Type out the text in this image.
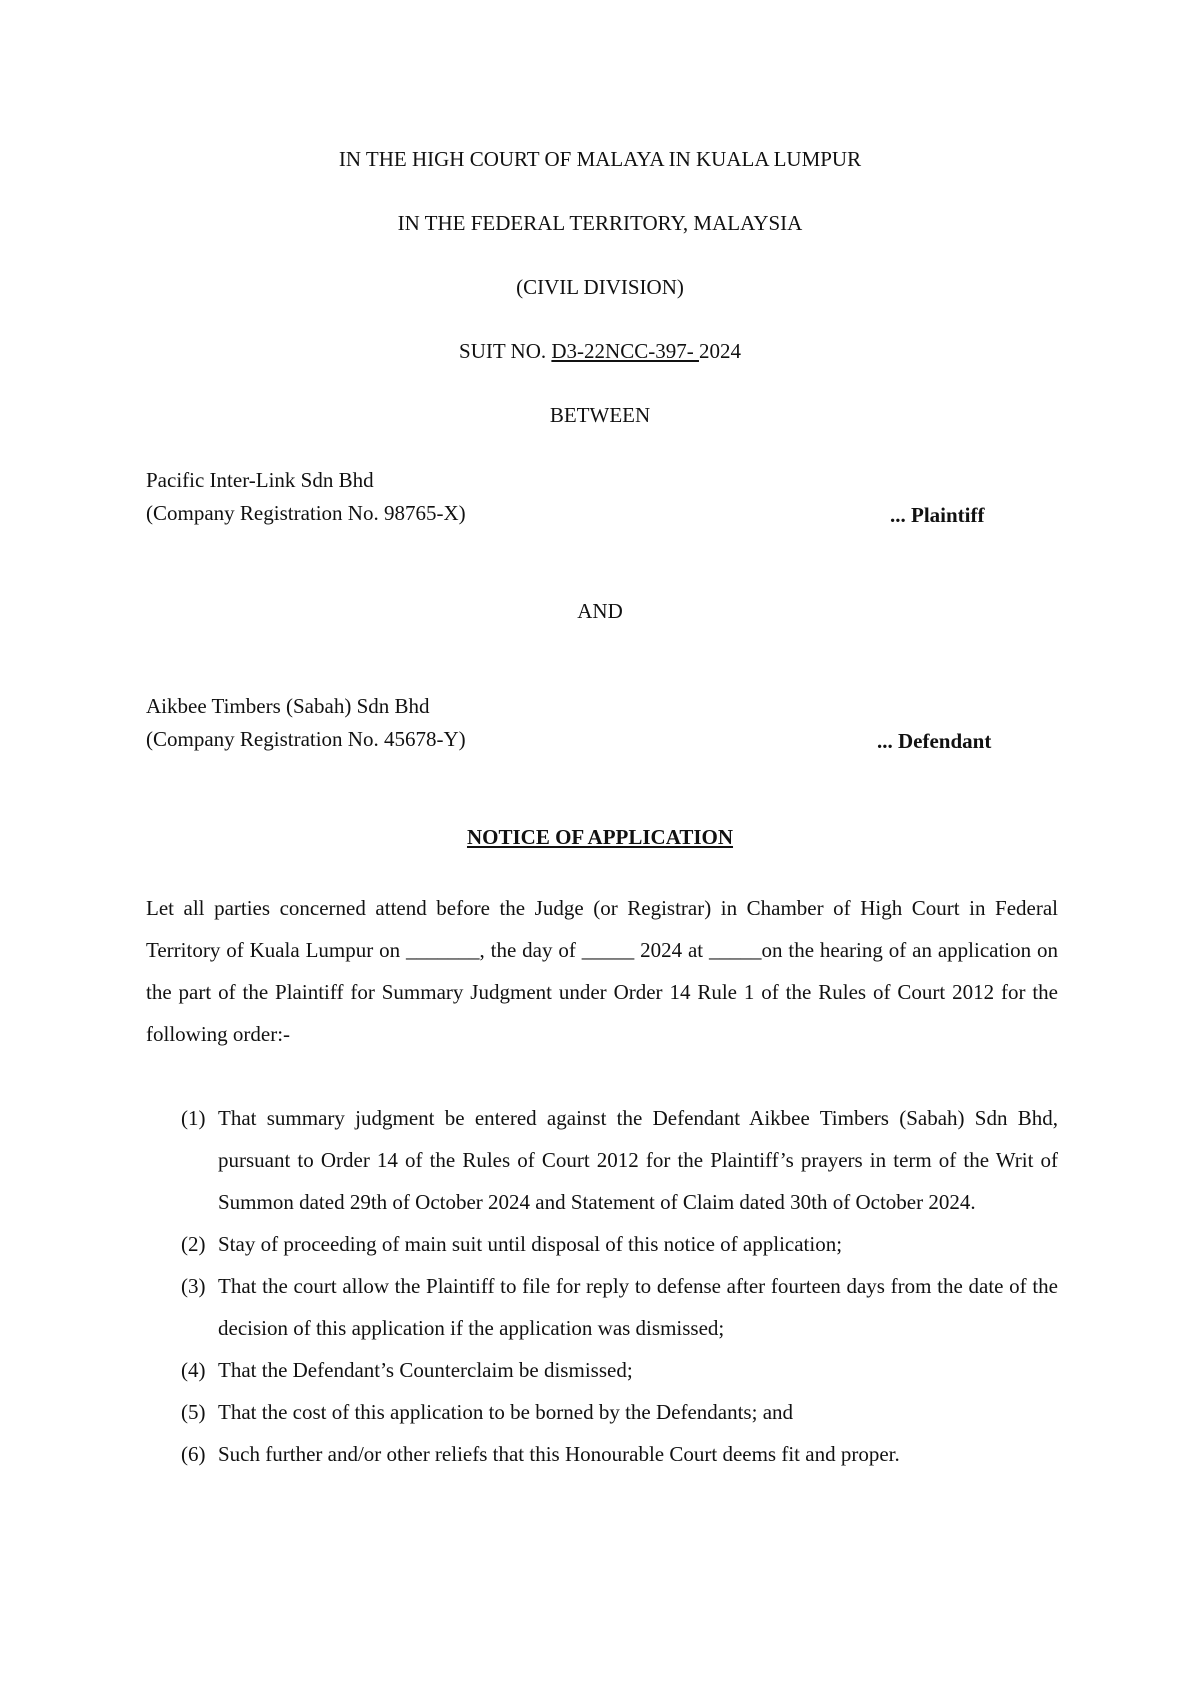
IN THE HIGH COURT OF MALAYA IN KUALA LUMPUR
IN THE FEDERAL TERRITORY, MALAYSIA
(CIVIL DIVISION)
SUIT NO. D3-22NCC-397- 2024
BETWEEN
Pacific Inter-Link Sdn Bhd
(Company Registration No. 98765-X)	... Plaintiff
AND
Aikbee Timbers (Sabah) Sdn Bhd
(Company Registration No. 45678-Y)	... Defendant
NOTICE OF APPLICATION
Let all parties concerned attend before the Judge (or Registrar) in Chamber of High Court in Federal Territory of Kuala Lumpur on _______, the day of _____ 2024 at _____on the hearing of an application on the part of the Plaintiff for Summary Judgment under Order 14 Rule 1 of the Rules of Court 2012 for the following order:-
(1) That summary judgment be entered against the Defendant Aikbee Timbers (Sabah) Sdn Bhd, pursuant to Order 14 of the Rules of Court 2012 for the Plaintiff’s prayers in term of the Writ of Summon dated 29th of October 2024 and Statement of Claim dated 30th of October 2024.
(2) Stay of proceeding of main suit until disposal of this notice of application;
(3) That the court allow the Plaintiff to file for reply to defense after fourteen days from the date of the decision of this application if the application was dismissed;
(4) That the Defendant’s Counterclaim be dismissed;
(5) That the cost of this application to be borned by the Defendants; and
(6) Such further and/or other reliefs that this Honourable Court deems fit and proper.
